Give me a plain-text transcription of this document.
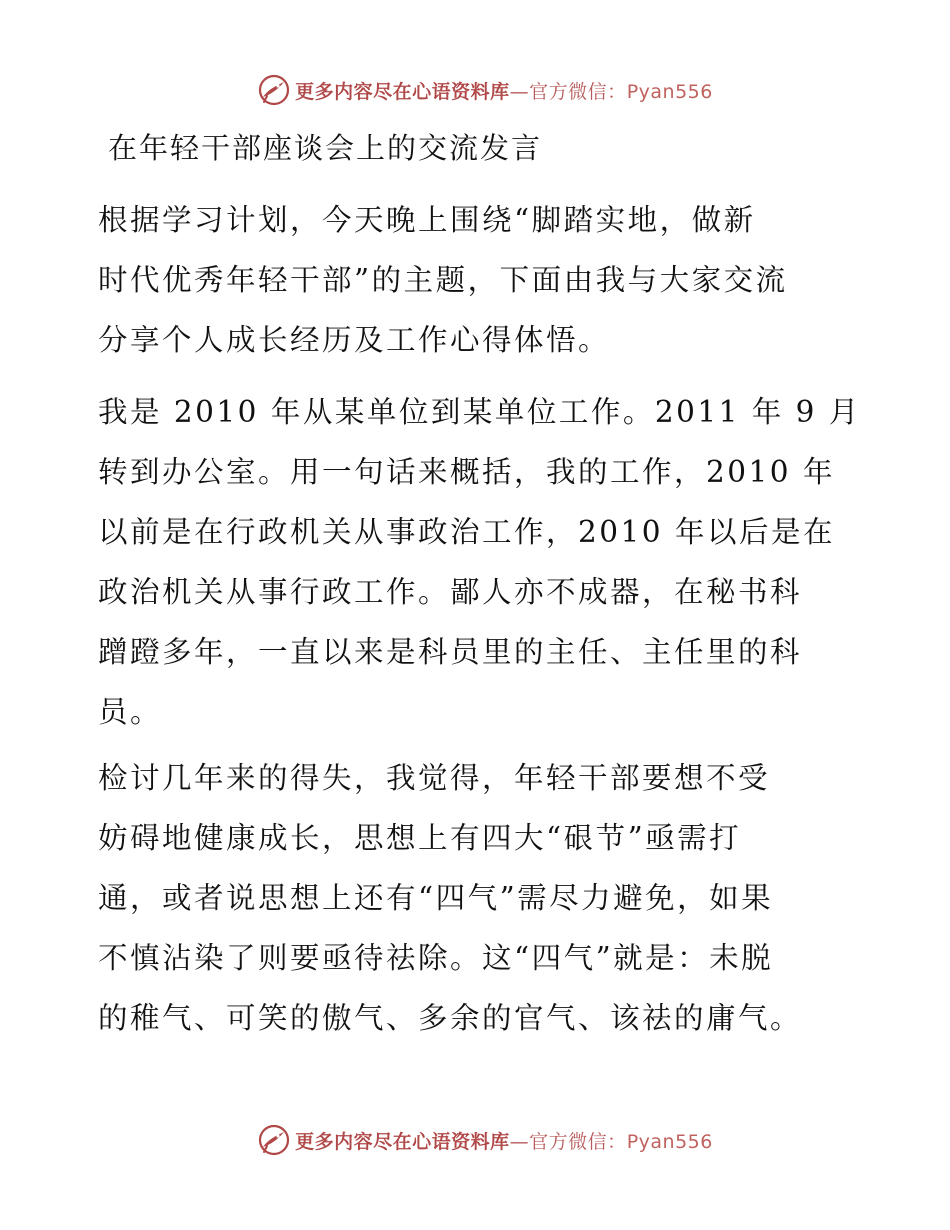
更多内容尽在心语资料库—官方微信：Pyan556
在年轻干部座谈会上的交流发言
根据学习计划，今天晚上围绕“脚踏实地，做新
时代优秀年轻干部”的主题，下面由我与大家交流
分享个人成长经历及工作心得体悟。
我是 2010 年从某单位到某单位工作。2011 年 9 月
转到办公室。用一句话来概括，我的工作，2010 年
以前是在行政机关从事政治工作，2010 年以后是在
政治机关从事行政工作。鄙人亦不成器，在秘书科
蹭蹬多年，一直以来是科员里的主任、主任里的科
员。
检讨几年来的得失，我觉得，年轻干部要想不受
妨碍地健康成长，思想上有四大“硍节”亟需打
通，或者说思想上还有“四气”需尽力避免，如果
不慎沾染了则要亟待祛除。这“四气”就是：未脱
的稚气、可笑的傲气、多余的官气、该祛的庸气。
更多内容尽在心语资料库—官方微信：Pyan556
